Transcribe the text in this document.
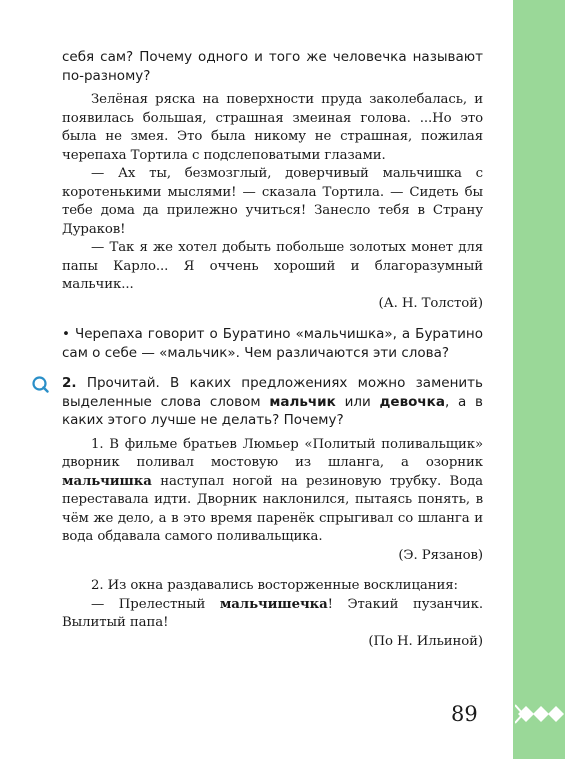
себя сам? Почему одного и того же человечка называют по-разному?

Зелёная ряска на поверхности пруда заколебалась, и появилась большая, страшная змеиная голова. ...Но это была не змея. Это была никому не страшная, пожилая черепаха Тортила с подслеповатыми глазами.

— Ах ты, безмозглый, доверчивый мальчишка с коротенькими мыслями! — сказала Тортила. — Сидеть бы тебе дома да прилежно учиться! Занесло тебя в Страну Дураков!

— Так я же хотел добыть побольше золотых монет для папы Карло... Я оччень хороший и благоразумный мальчик...

(А. Н. Толстой)

• Черепаха говорит о Буратино «мальчишка», а Буратино сам о себе — «мальчик». Чем различаются эти слова?

2. Прочитай. В каких предложениях можно заменить выделенные слова словом мальчик или девочка, а в каких этого лучше не делать? Почему?

1. В фильме братьев Люмьер «Политый поливальщик» дворник поливал мостовую из шланга, а озорник мальчишка наступал ногой на резиновую трубку. Вода переставала идти. Дворник наклонился, пытаясь понять, в чём же дело, а в это время паренёк спрыгивал со шланга и вода обдавала самого поливальщика.

(Э. Рязанов)

2. Из окна раздавались восторженные восклицания:

— Прелестный мальчишечка! Этакий пузанчик. Вылитый папа!

(По Н. Ильиной)

89
